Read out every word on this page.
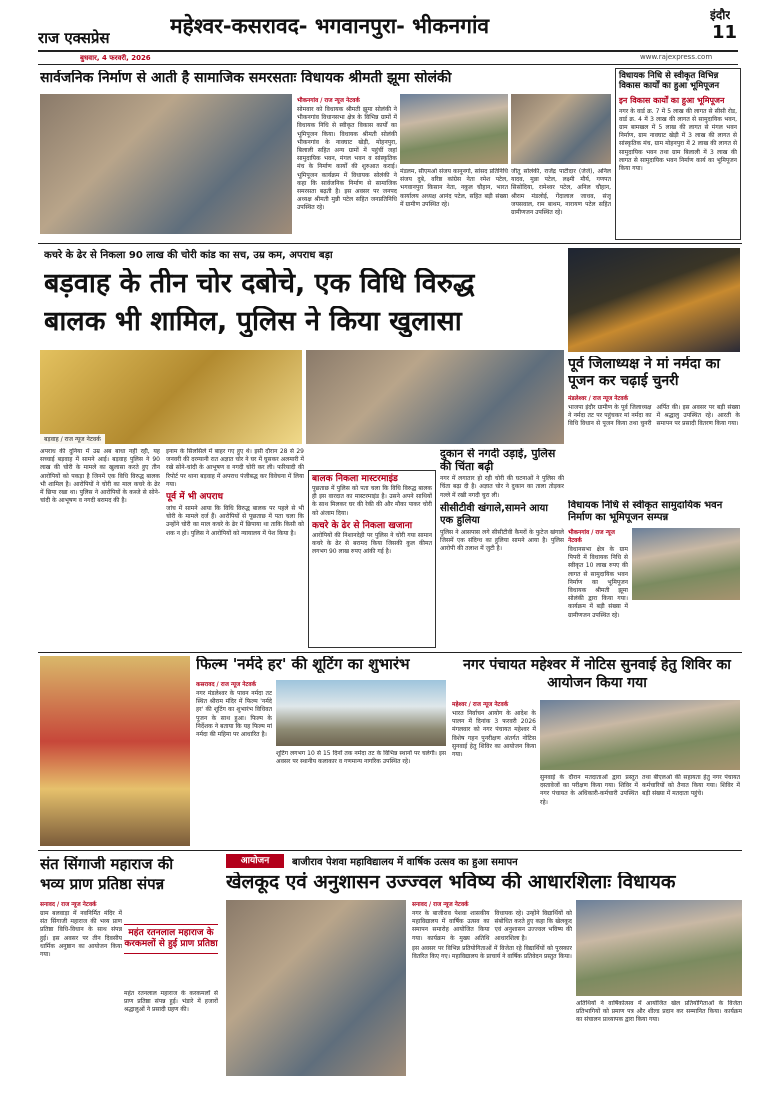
राज एक्सप्रेस	महेश्वर-कसरावद- भगवानपुरा- भीकनगांव	इंदौर
11
बुधवार, 4 फरवरी, 2026	www.rajexpress.com
सार्वजनिक निर्माण से आती है सामाजिक समरसताः विधायक श्रीमती झूमा सोलंकी
भीकनगांव / राज न्यूज नेटवर्क
सोमवार को विधायक श्रीमती झूमा सोलंकी ने भीकनगांव विधानसभा क्षेत्र के विभिन्न ग्रामों में विधायक निधि से स्वीकृत विकास कार्यों का भूमिपूजन किया। विधायक श्रीमती सोलंकी भीकनगांव के नावघाट खेड़ी, मोहनपुरा, बिलाली सहित अन्य ग्रामों में पहुंचीं जहां सामुदायिक भवन, मंगल भवन व सांस्कृतिक मंच के निर्माण कार्यों की शुरुआत कराई। भूमिपूजन कार्यक्रम में विधायक सोलंकी ने कहा कि सार्वजनिक निर्माण से सामाजिक समरसता बढ़ती है। इस अवसर पर जनपद अध्यक्ष श्रीमती मुन्नी पटेल सहित जनप्रतिनिधि उपस्थित रहे।
मंडलम, सीएमओ संजय कानूनगो, सांसद प्रतिनिधि संजय दुबे, वरिष्ठ कांग्रेस नेता रमेश पटेल, भगवानपुरा किसान नेता, नकुल चौहान, भारत कार्यालय अध्यक्ष आनंद पटेल, सहित बड़ी संख्या में ग्रामीण उपस्थित रहे।
जीतू सोलंकी, राजेंद्र पाटीदार (जेजे), अनिल यादव, मुन्ना पटेल, लक्ष्मी मौर्य, गणपत सिसोदिया, रामेश्वर पटेल, अनिल चौहान, श्रीराम मंडलोई, गेंदालाल जाधव, संजू जयसवाल, राम बाथम, नारायण पटेल सहित ग्रामीणजन उपस्थित रहे।
विधायक निधि से स्वीकृत विभिन्न विकास कार्यों का हुआ भूमिपूजन
इन विकास कार्यों का हुआ भूमिपूजन
नगर के वार्ड क्र. 7 में 5 लाख की लागत से सीसी रोड, वार्ड क्र. 4 में 3 लाख की लागत से सामुदायिक भवन, ग्राम बामखल में 5 लाख की लागत से मंगल भवन निर्माण, ग्राम नावघाट खेड़ी में 3 लाख की लागत से सांस्कृतिक मंच, ग्राम मोहनपुरा में 2 लाख की लागत से सामुदायिक भवन तथा ग्राम बिलाली में 3 लाख की लागत से सामुदायिक भवन निर्माण कार्य का भूमिपूजन किया गया।
कचरे के ढेर से निकला 90 लाख की चोरी कांड का सच, उम्र कम, अपराध बड़ा
बड़वाह के तीन चोर दबोचे, एक विधि विरुद्ध
बालक भी शामिल, पुलिस ने किया खुलासा
बड़वाह / राज न्यूज नेटवर्क
अपराध की दुनिया में उम्र अब बाधा नहीं रही, यह सच्चाई बड़वाह में सामने आई। बड़वाह पुलिस ने 90 लाख की चोरी के मामले का खुलासा करते हुए तीन आरोपियों को पकड़ा है जिनमें एक विधि विरुद्ध बालक भी शामिल है। आरोपियों ने चोरी का माल कचरे के ढेर में छिपा रखा था। पुलिस ने आरोपियों के कब्जे से सोने-चांदी के आभूषण व नगदी बरामद की है।
इनाम के सिलसिले में बाहर गए हुए थे। इसी दौरान 28 से 29 जनवरी की दरम्यानी रात अज्ञात चोर ने घर में घुसकर अलमारी में रखे सोने-चांदी के आभूषण व नगदी चोरी कर ली। फरियादी की रिपोर्ट पर थाना बड़वाह में अपराध पंजीबद्ध कर विवेचना में लिया गया।
पूर्व में भी अपराध
जांच में सामने आया कि विधि विरुद्ध बालक पर पहले से भी चोरी के मामले दर्ज हैं। आरोपियों से पूछताछ में पता चला कि उन्होंने चोरी का माल कचरे के ढेर में छिपाया था ताकि किसी को शक न हो। पुलिस ने आरोपियों को न्यायालय में पेश किया है।
बालक निकला मास्टरमाइंड
पूछताछ में पुलिस को पता चला कि विधि विरुद्ध बालक ही इस वारदात का मास्टरमाइंड है। उसने अपने साथियों के साथ मिलकर घर की रेकी की और मौका पाकर चोरी को अंजाम दिया।
कचरे के ढेर से निकला खजाना
आरोपियों की निशानदेही पर पुलिस ने चोरी गया सामान कचरे के ढेर से बरामद किया जिसकी कुल कीमत लगभग 90 लाख रुपए आंकी गई है।
दुकान से नगदी उड़ाई, पुलिस की चिंता बढ़ी
नगर में लगातार हो रही चोरी की घटनाओं ने पुलिस की चिंता बढ़ा दी है। अज्ञात चोर ने दुकान का ताला तोड़कर गल्ले में रखी नगदी चुरा ली।
सीसीटीवी खंगाले,सामने आया एक हुलिया
पुलिस ने आसपास लगे सीसीटीवी कैमरों के फुटेज खंगाले जिसमें एक संदिग्ध का हुलिया सामने आया है। पुलिस आरोपी की तलाश में जुटी है।
पूर्व जिलाध्यक्ष ने मां नर्मदा का पूजन कर चढ़ाई चुनरी
मंडलेश्वर / राज न्यूज नेटवर्क
भाजपा इंदौर ग्रामीण के पूर्व जिलाध्यक्ष ने नर्मदा तट पर पहुंचकर मां नर्मदा का विधि विधान से पूजन किया तथा चुनरी अर्पित की। इस अवसर पर बड़ी संख्या में श्रद्धालु उपस्थित रहे। आरती के समापन पर प्रसादी वितरण किया गया।
विधायक निधि से स्वीकृत सामुदायिक भवन निर्माण का भूमिपूजन सम्पन्न
भीकनगांव / राज न्यूज नेटवर्क
विधानसभा क्षेत्र के ग्राम पिपरी में विधायक निधि से स्वीकृत 10 लाख रुपए की लागत से सामुदायिक भवन निर्माण का भूमिपूजन विधायक श्रीमती झूमा सोलंकी द्वारा किया गया। कार्यक्रम में बड़ी संख्या में ग्रामीणजन उपस्थित रहे।
फिल्म 'नर्मदे हर' की शूटिंग का शुभारंभ
कसरावद / राज न्यूज नेटवर्क
नगर मंडलेश्वर के पावन नर्मदा तट स्थित श्रीराम मंदिर में फिल्म 'नर्मदे हर' की शूटिंग का शुभारंभ विधिवत पूजन के साथ हुआ। फिल्म के निर्देशक ने बताया कि यह फिल्म मां नर्मदा की महिमा पर आधारित है।
शूटिंग लगभग 10 से 15 दिनों तक नर्मदा तट के विभिन्न स्थानों पर चलेगी। इस अवसर पर स्थानीय कलाकार व गणमान्य नागरिक उपस्थित रहे।
नगर पंचायत महेश्वर में नोटिस सुनवाई हेतु शिविर का आयोजन किया गया
महेश्वर / राज न्यूज नेटवर्क
भारत निर्वाचन आयोग के आदेश के पालन में दिनांक 3 फरवरी 2026 मंगलवार को नगर पंचायत महेश्वर में विशेष गहन पुनरीक्षण अंतर्गत नोटिस सुनवाई हेतु शिविर का आयोजन किया गया।
सुनवाई के दौरान मतदाताओं द्वारा प्रस्तुत दस्तावेजों का परीक्षण किया गया। शिविर में नगर पंचायत के अधिकारी-कर्मचारी उपस्थित रहे।
तथा बीएलओ की सहायता हेतु नगर पंचायत कर्मचारियों को तैनात किया गया। शिविर में बड़ी संख्या में मतदाता पहुंचे।
संत सिंगाजी महाराज की
भव्य प्राण प्रतिष्ठा संपन्न
सनावद / राज न्यूज नेटवर्क
ग्राम बलवाड़ा में नवनिर्मित मंदिर में संत सिंगाजी महाराज की भव्य प्राण प्रतिष्ठा विधि-विधान के साथ संपन्न हुई। इस अवसर पर तीन दिवसीय धार्मिक अनुष्ठान का आयोजन किया गया।
महंत रतनलाल महाराज के करकमलों से हुई प्राण प्रतिष्ठा
महंत रतनलाल महाराज के करकमलों से प्राण प्रतिष्ठा संपन्न हुई। भंडारे में हजारों श्रद्धालुओं ने प्रसादी ग्रहण की।
आयोजन	बाजीराव पेशवा महाविद्यालय में वार्षिक उत्सव का हुआ समापन
खेलकूद एवं अनुशासन उज्ज्वल भविष्य की आधारशिलाः विधायक
सनावद / राज न्यूज नेटवर्क
नगर के बाजीराव पेशवा शासकीय महाविद्यालय में वार्षिक उत्सव का समापन समारोह आयोजित किया गया। कार्यक्रम के मुख्य अतिथि विधायक रहे। उन्होंने विद्यार्थियों को संबोधित करते हुए कहा कि खेलकूद एवं अनुशासन उज्ज्वल भविष्य की आधारशिला है।
इस अवसर पर विभिन्न प्रतियोगिताओं में विजेता रहे विद्यार्थियों को पुरस्कार वितरित किए गए। महाविद्यालय के प्राचार्य ने वार्षिक प्रतिवेदन प्रस्तुत किया।
अतिथियों ने वार्षिकोत्सव में आयोजित खेल प्रतियोगिताओं के विजेता प्रतिभागियों को प्रमाण पत्र और शील्ड प्रदान कर सम्मानित किया। कार्यक्रम का संचालन प्राध्यापक द्वारा किया गया।
